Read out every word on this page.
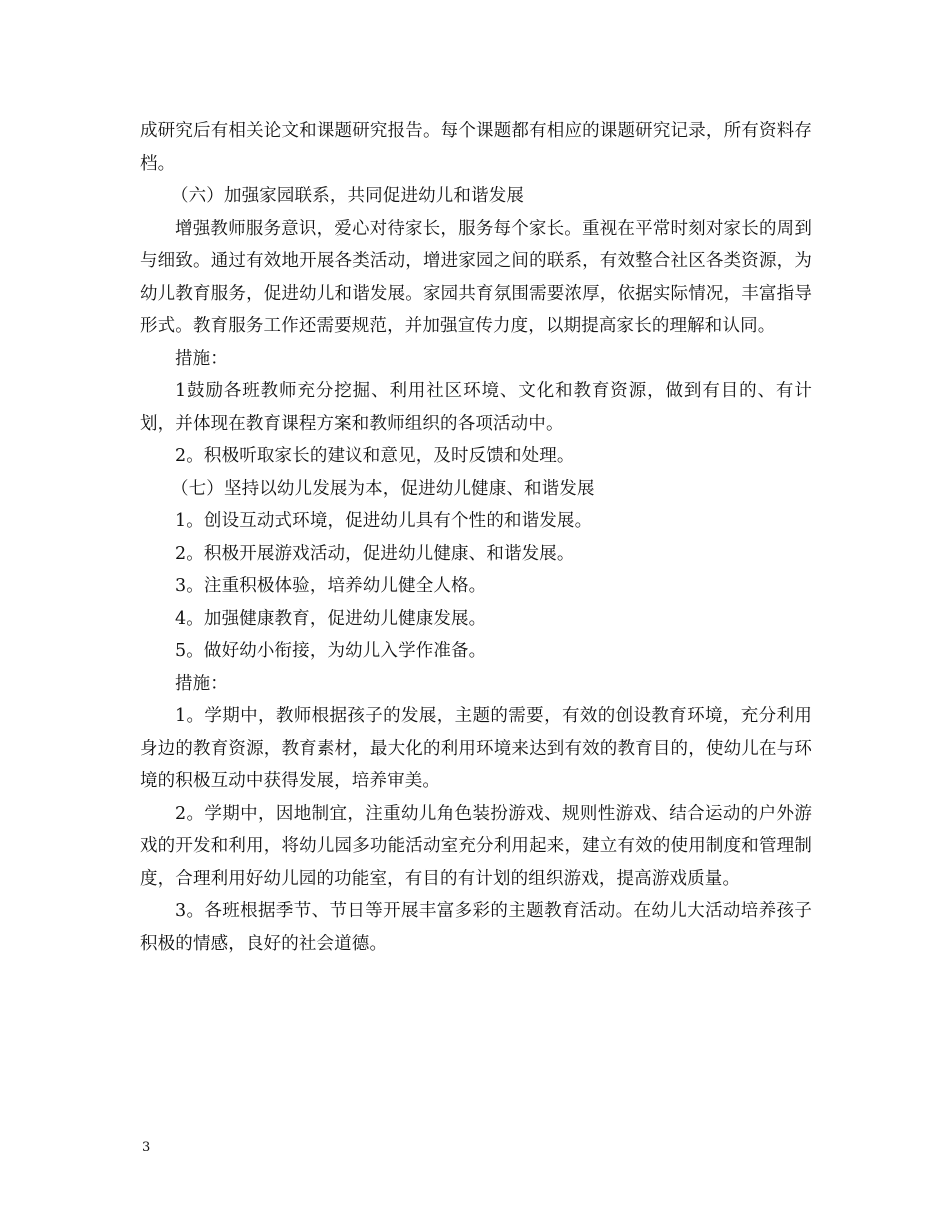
成研究后有相关论文和课题研究报告。每个课题都有相应的课题研究记录，所有资料存档。

（六）加强家园联系，共同促进幼儿和谐发展

增强教师服务意识，爱心对待家长，服务每个家长。重视在平常时刻对家长的周到与细致。通过有效地开展各类活动，增进家园之间的联系，有效整合社区各类资源，为幼儿教育服务，促进幼儿和谐发展。家园共育氛围需要浓厚，依据实际情况，丰富指导形式。教育服务工作还需要规范，并加强宣传力度，以期提高家长的理解和认同。

措施：

1鼓励各班教师充分挖掘、利用社区环境、文化和教育资源，做到有目的、有计划，并体现在教育课程方案和教师组织的各项活动中。

2。积极听取家长的建议和意见，及时反馈和处理。

（七）坚持以幼儿发展为本，促进幼儿健康、和谐发展

1。创设互动式环境，促进幼儿具有个性的和谐发展。

2。积极开展游戏活动，促进幼儿健康、和谐发展。

3。注重积极体验，培养幼儿健全人格。

4。加强健康教育，促进幼儿健康发展。

5。做好幼小衔接，为幼儿入学作准备。

措施：

1。学期中，教师根据孩子的发展，主题的需要，有效的创设教育环境，充分利用身边的教育资源，教育素材，最大化的利用环境来达到有效的教育目的，使幼儿在与环境的积极互动中获得发展，培养审美。

2。学期中，因地制宜，注重幼儿角色装扮游戏、规则性游戏、结合运动的户外游戏的开发和利用，将幼儿园多功能活动室充分利用起来，建立有效的使用制度和管理制度，合理利用好幼儿园的功能室，有目的有计划的组织游戏，提高游戏质量。

3。各班根据季节、节日等开展丰富多彩的主题教育活动。在幼儿大活动培养孩子积极的情感，良好的社会道德。

3
